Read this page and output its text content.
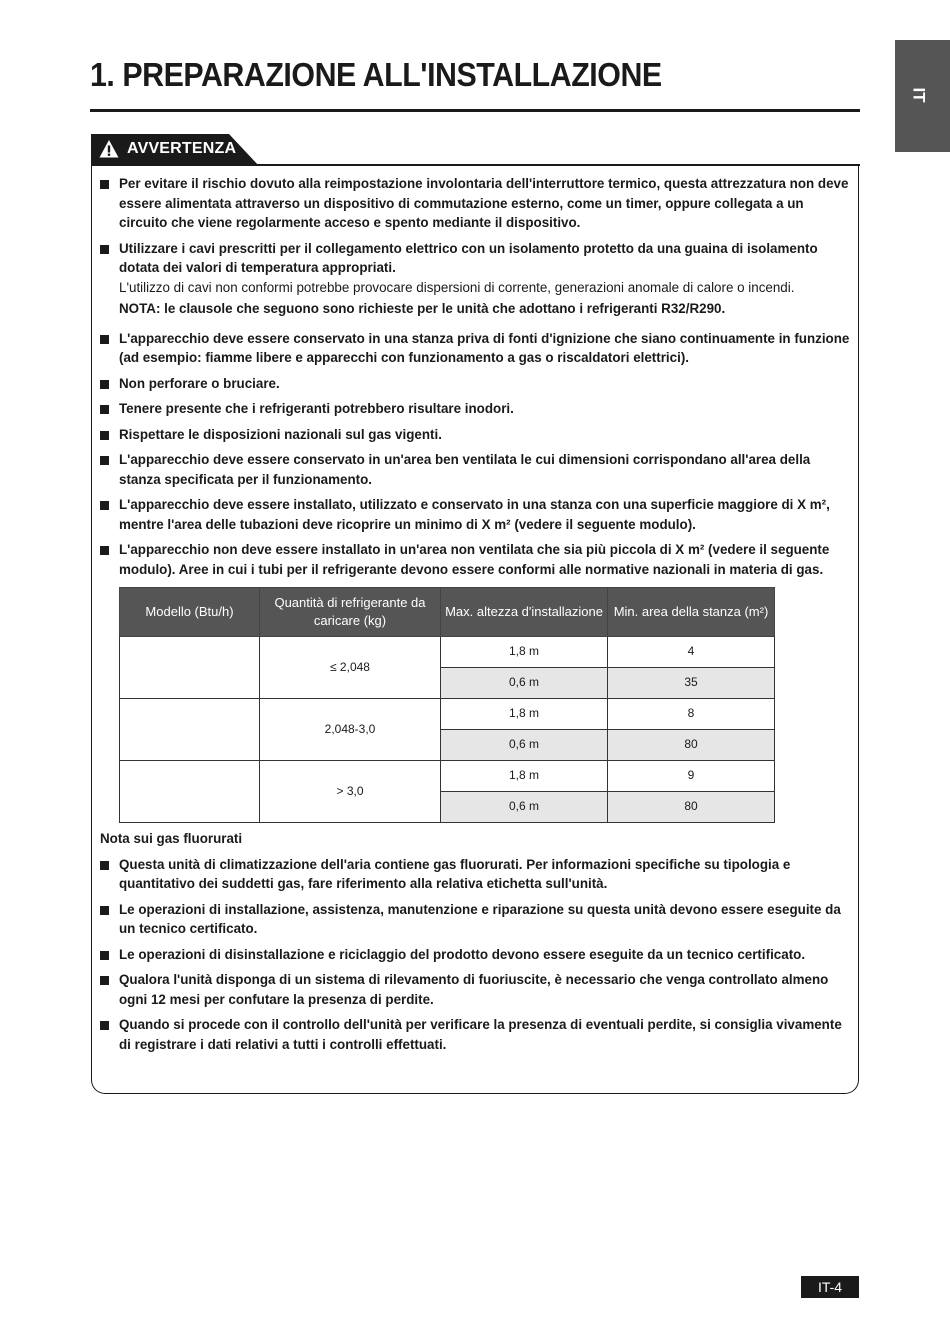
1. PREPARAZIONE ALL'INSTALLAZIONE
IT
AVVERTENZA
Per evitare il rischio dovuto alla reimpostazione involontaria dell'interruttore termico, questa attrezzatura non deve essere alimentata attraverso un dispositivo di commutazione esterno, come un timer, oppure collegata a un circuito che viene regolarmente acceso e spento mediante il dispositivo.
Utilizzare i cavi prescritti per il collegamento elettrico con un isolamento protetto da una guaina di isolamento dotata dei valori di temperatura appropriati.
L'utilizzo di cavi non conformi potrebbe provocare dispersioni di corrente, generazioni anomale di calore o incendi.
NOTA: le clausole che seguono sono richieste per le unità che adottano i refrigeranti R32/R290.
L'apparecchio deve essere conservato in una stanza priva di fonti d'ignizione che siano continuamente in funzione (ad esempio: fiamme libere e apparecchi con funzionamento a gas o riscaldatori elettrici).
Non perforare o bruciare.
Tenere presente che i refrigeranti potrebbero risultare inodori.
Rispettare le disposizioni nazionali sul gas vigenti.
L'apparecchio deve essere conservato in un'area ben ventilata le cui dimensioni corrispondano all'area della stanza specificata per il funzionamento.
L'apparecchio deve essere installato, utilizzato e conservato in una stanza con una superficie maggiore di X m², mentre l'area delle tubazioni deve ricoprire un minimo di X m² (vedere il seguente modulo).
L'apparecchio non deve essere installato in un'area non ventilata che sia più piccola di X m² (vedere il seguente modulo). Aree in cui i tubi per il refrigerante devono essere conformi alle normative nazionali in materia di gas.
Modello (Btu/h)	Quantità di refrigerante da caricare (kg)	Max. altezza d'installazione	Min. area della stanza (m²)
	≤ 2,048	1,8 m	4
		0,6 m	35
	2,048-3,0	1,8 m	8
		0,6 m	80
	> 3,0	1,8 m	9
		0,6 m	80
Nota sui gas fluorurati
Questa unità di climatizzazione dell'aria contiene gas fluorurati. Per informazioni specifiche su tipologia e quantitativo dei suddetti gas, fare riferimento alla relativa etichetta sull'unità.
Le operazioni di installazione, assistenza, manutenzione e riparazione su questa unità devono essere eseguite da un tecnico certificato.
Le operazioni di disinstallazione e riciclaggio del prodotto devono essere eseguite da un tecnico certificato.
Qualora l'unità disponga di un sistema di rilevamento di fuoriuscite, è necessario che venga controllato almeno ogni 12 mesi per confutare la presenza di perdite.
Quando si procede con il controllo dell'unità per verificare la presenza di eventuali perdite, si consiglia vivamente di registrare i dati relativi a tutti i controlli effettuati.
IT-4
